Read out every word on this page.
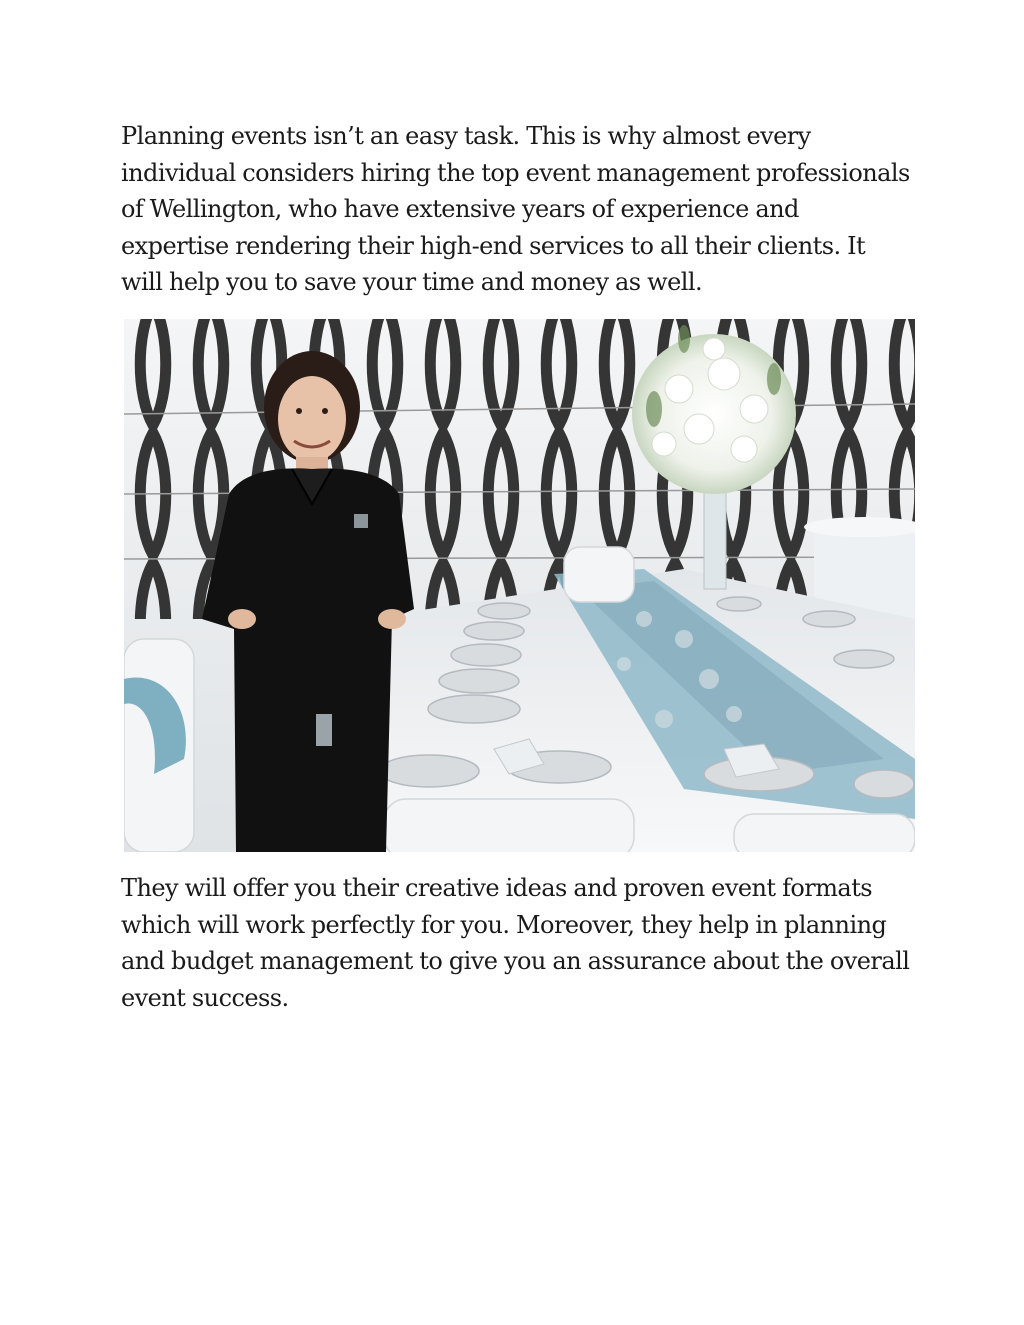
Planning events isn’t an easy task. This is why almost every individual considers hiring the top event management professionals of Wellington, who have extensive years of experience and expertise rendering their high-end services to all their clients. It will help you to save your time and money as well.

They will offer you their creative ideas and proven event formats which will work perfectly for you. Moreover, they help in planning and budget management to give you an assurance about the overall event success.
